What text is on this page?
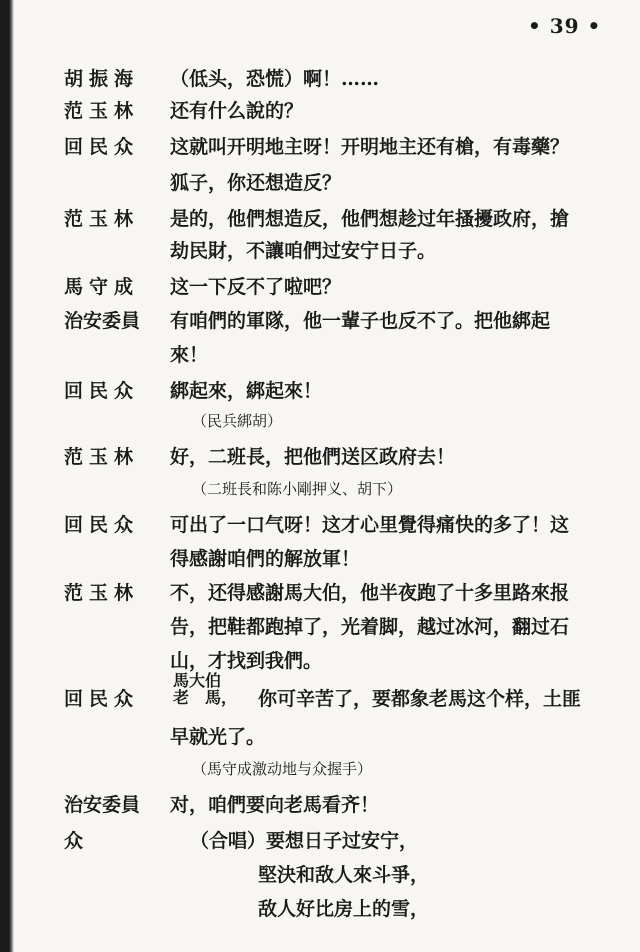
• 39 •
胡振海 （低头，恐慌）啊！……
范玉林 还有什么說的？
回民众 这就叫开明地主呀！开明地主还有槍，有毒藥？
狐子，你还想造反？
范玉林 是的，他們想造反，他們想趁过年搔擾政府，搶
劫民財，不讓咱們过安宁日子。
馬守成 这一下反不了啦吧？
治安委員 有咱們的軍隊，他一輩子也反不了。把他綁起
來！
回民众 綁起來，綁起來！
（民兵綁胡）
范玉林 好，二班長，把他們送区政府去！
（二班長和陈小剛押义、胡下）
回民众 可出了一口气呀！这才心里覺得痛快的多了！这
得感謝咱們的解放軍！
范玉林 不，还得感謝馬大伯，他半夜跑了十多里路來报
告，把鞋都跑掉了，光着脚，越过冰河，翻过石
山，才找到我們。
回民众
馬大伯
老　馬， 你可辛苦了，要都象老馬这个样，土匪
早就光了。
（馬守成激动地与众握手）
治安委員 对，咱們要向老馬看齐！
众	（合唱）要想日子过安宁，
堅決和敌人來斗爭，
敌人好比房上的雪，
